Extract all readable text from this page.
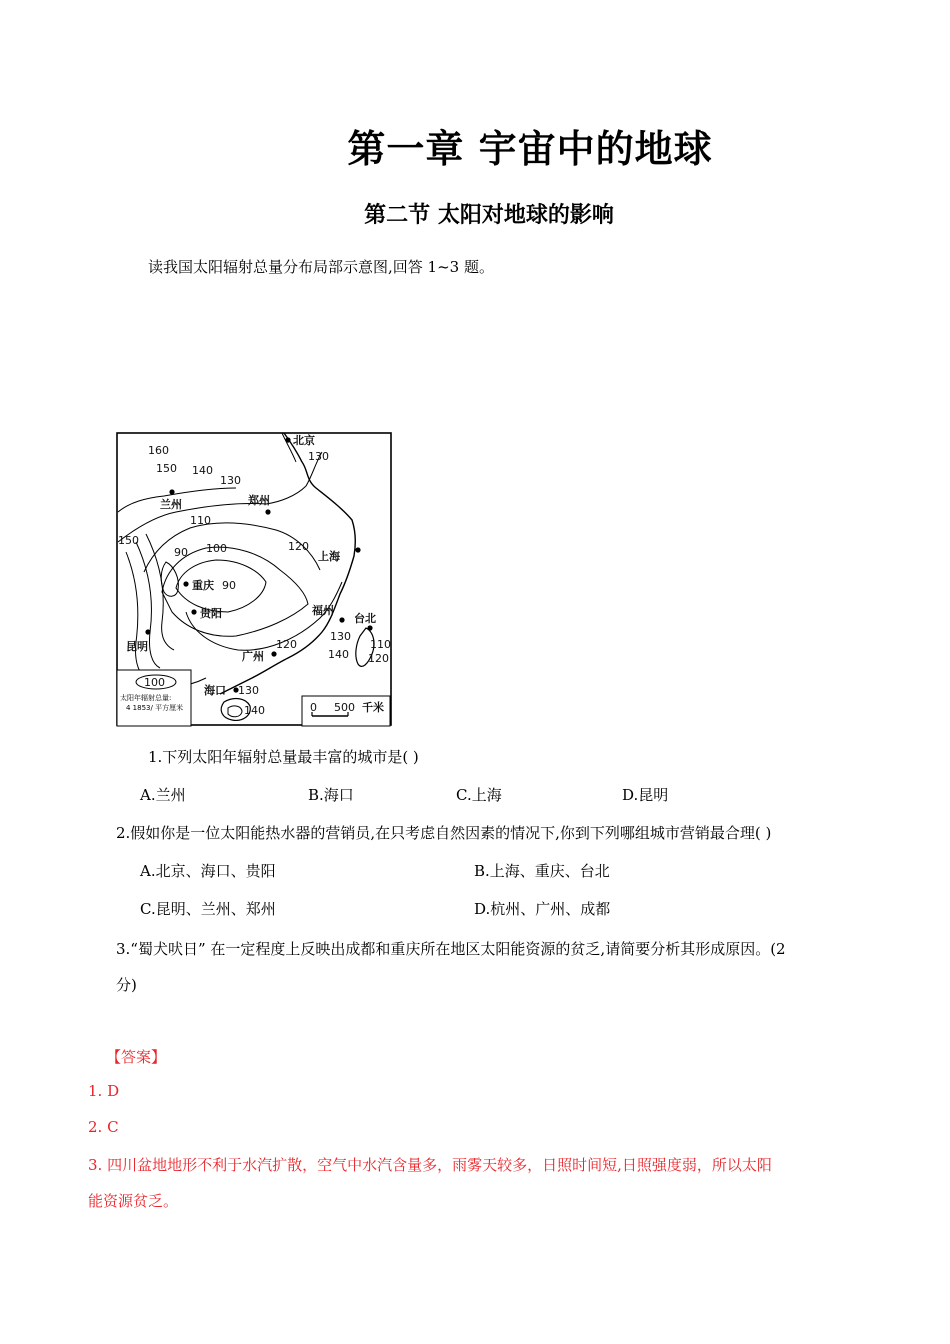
第一章 宇宙中的地球
第二节 太阳对地球的影响
读我国太阳辐射总量分布局部示意图,回答 1~3 题。
北京
兰州	郑州
上海
重庆
贵阳	福州
台北
昆明
广州
海口
160
150 140
130
130
110
150
100
90
90
120
120
130
140
110
120
130
140
100
太阳年辐射总量:
4 1853/ 平方厘米	0 500 千米
1.下列太阳年辐射总量最丰富的城市是( )
A.兰州	B.海口	C.上海	D.昆明
2.假如你是一位太阳能热水器的营销员,在只考虑自然因素的情况下,你到下列哪组城市营销最合理( )
A.北京、海口、贵阳	B.上海、重庆、台北
C.昆明、兰州、郑州	D.杭州、广州、成都
3.“蜀犬吠日” 在一定程度上反映出成都和重庆所在地区太阳能资源的贫乏,请简要分析其形成原因。(2
分)
【答案】
1. D
2. C
3. 四川盆地地形不利于水汽扩散，空气中水汽含量多，雨雾天较多，日照时间短,日照强度弱，所以太阳
能资源贫乏。
